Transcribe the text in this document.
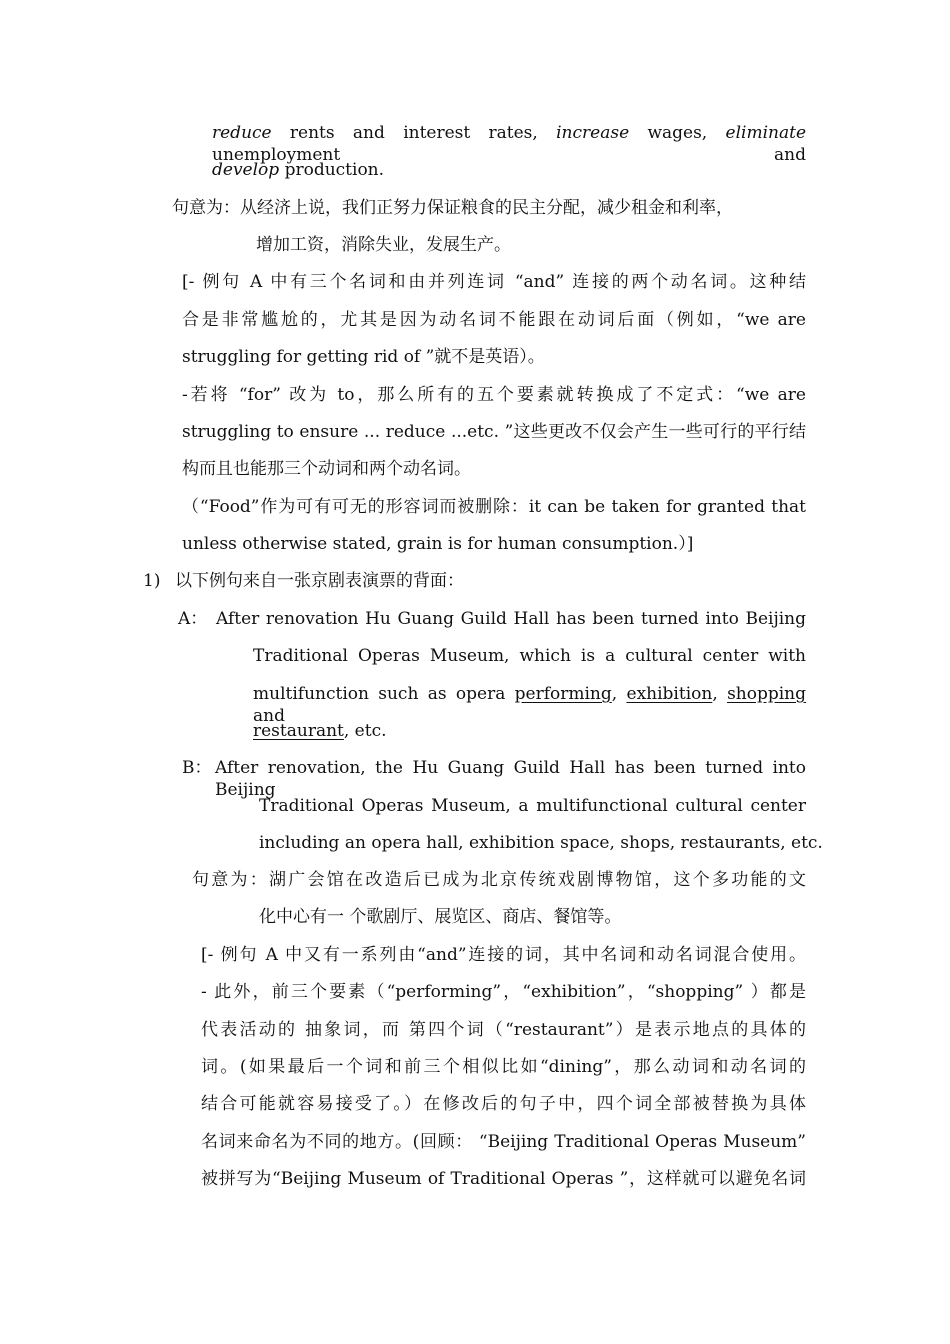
reduce rents and interest rates, increase wages, eliminate unemployment and
develop production.
句意为：从经济上说，我们正努力保证粮食的民主分配，减少租金和利率，
增加工资，消除失业，发展生产。
[- 例句 A 中有三个名词和由并列连词 “and” 连接的两个动名词。这种结
合是非常尴尬的，尤其是因为动名词不能跟在动词后面（例如，“we are
struggling for getting rid of ”就不是英语）。
-若将 “for” 改为 to，那么所有的五个要素就转换成了不定式：“we are
struggling to ensure ... reduce ...etc. ”这些更改不仅会产生一些可行的平行结
构而且也能那三个动词和两个动名词。
（“Food”作为可有可无的形容词而被删除：it can be taken for granted that
unless otherwise stated, grain is for human consumption.）]
1) 以下例句来自一张京剧表演票的背面：
A： After renovation Hu Guang Guild Hall has been turned into Beijing
Traditional Operas Museum, which is a cultural center with
multifunction such as opera performing, exhibition, shopping and
restaurant, etc.
B： After renovation, the Hu Guang Guild Hall has been turned into Beijing
Traditional Operas Museum, a multifunctional cultural center
including an opera hall, exhibition space, shops, restaurants, etc.
句意为：湖广会馆在改造后已成为北京传统戏剧博物馆，这个多功能的文
化中心有一 个歌剧厅、展览区、商店、餐馆等。
[- 例句 A 中又有一系列由“and”连接的词，其中名词和动名词混合使用。
- 此外，前三个要素（“performing”，“exhibition”，“shopping” ）都是
代表活动的 抽象词，而 第四个词（“restaurant”）是表示地点的具体的
词。(如果最后一个词和前三个相似比如“dining”，那么动词和动名词的
结合可能就容易接受了。）在修改后的句子中，四个词全部被替换为具体
名词来命名为不同的地方。(回顾： “Beijing Traditional Operas Museum”
被拼写为“Beijing Museum of Traditional Operas ”，这样就可以避免名词
